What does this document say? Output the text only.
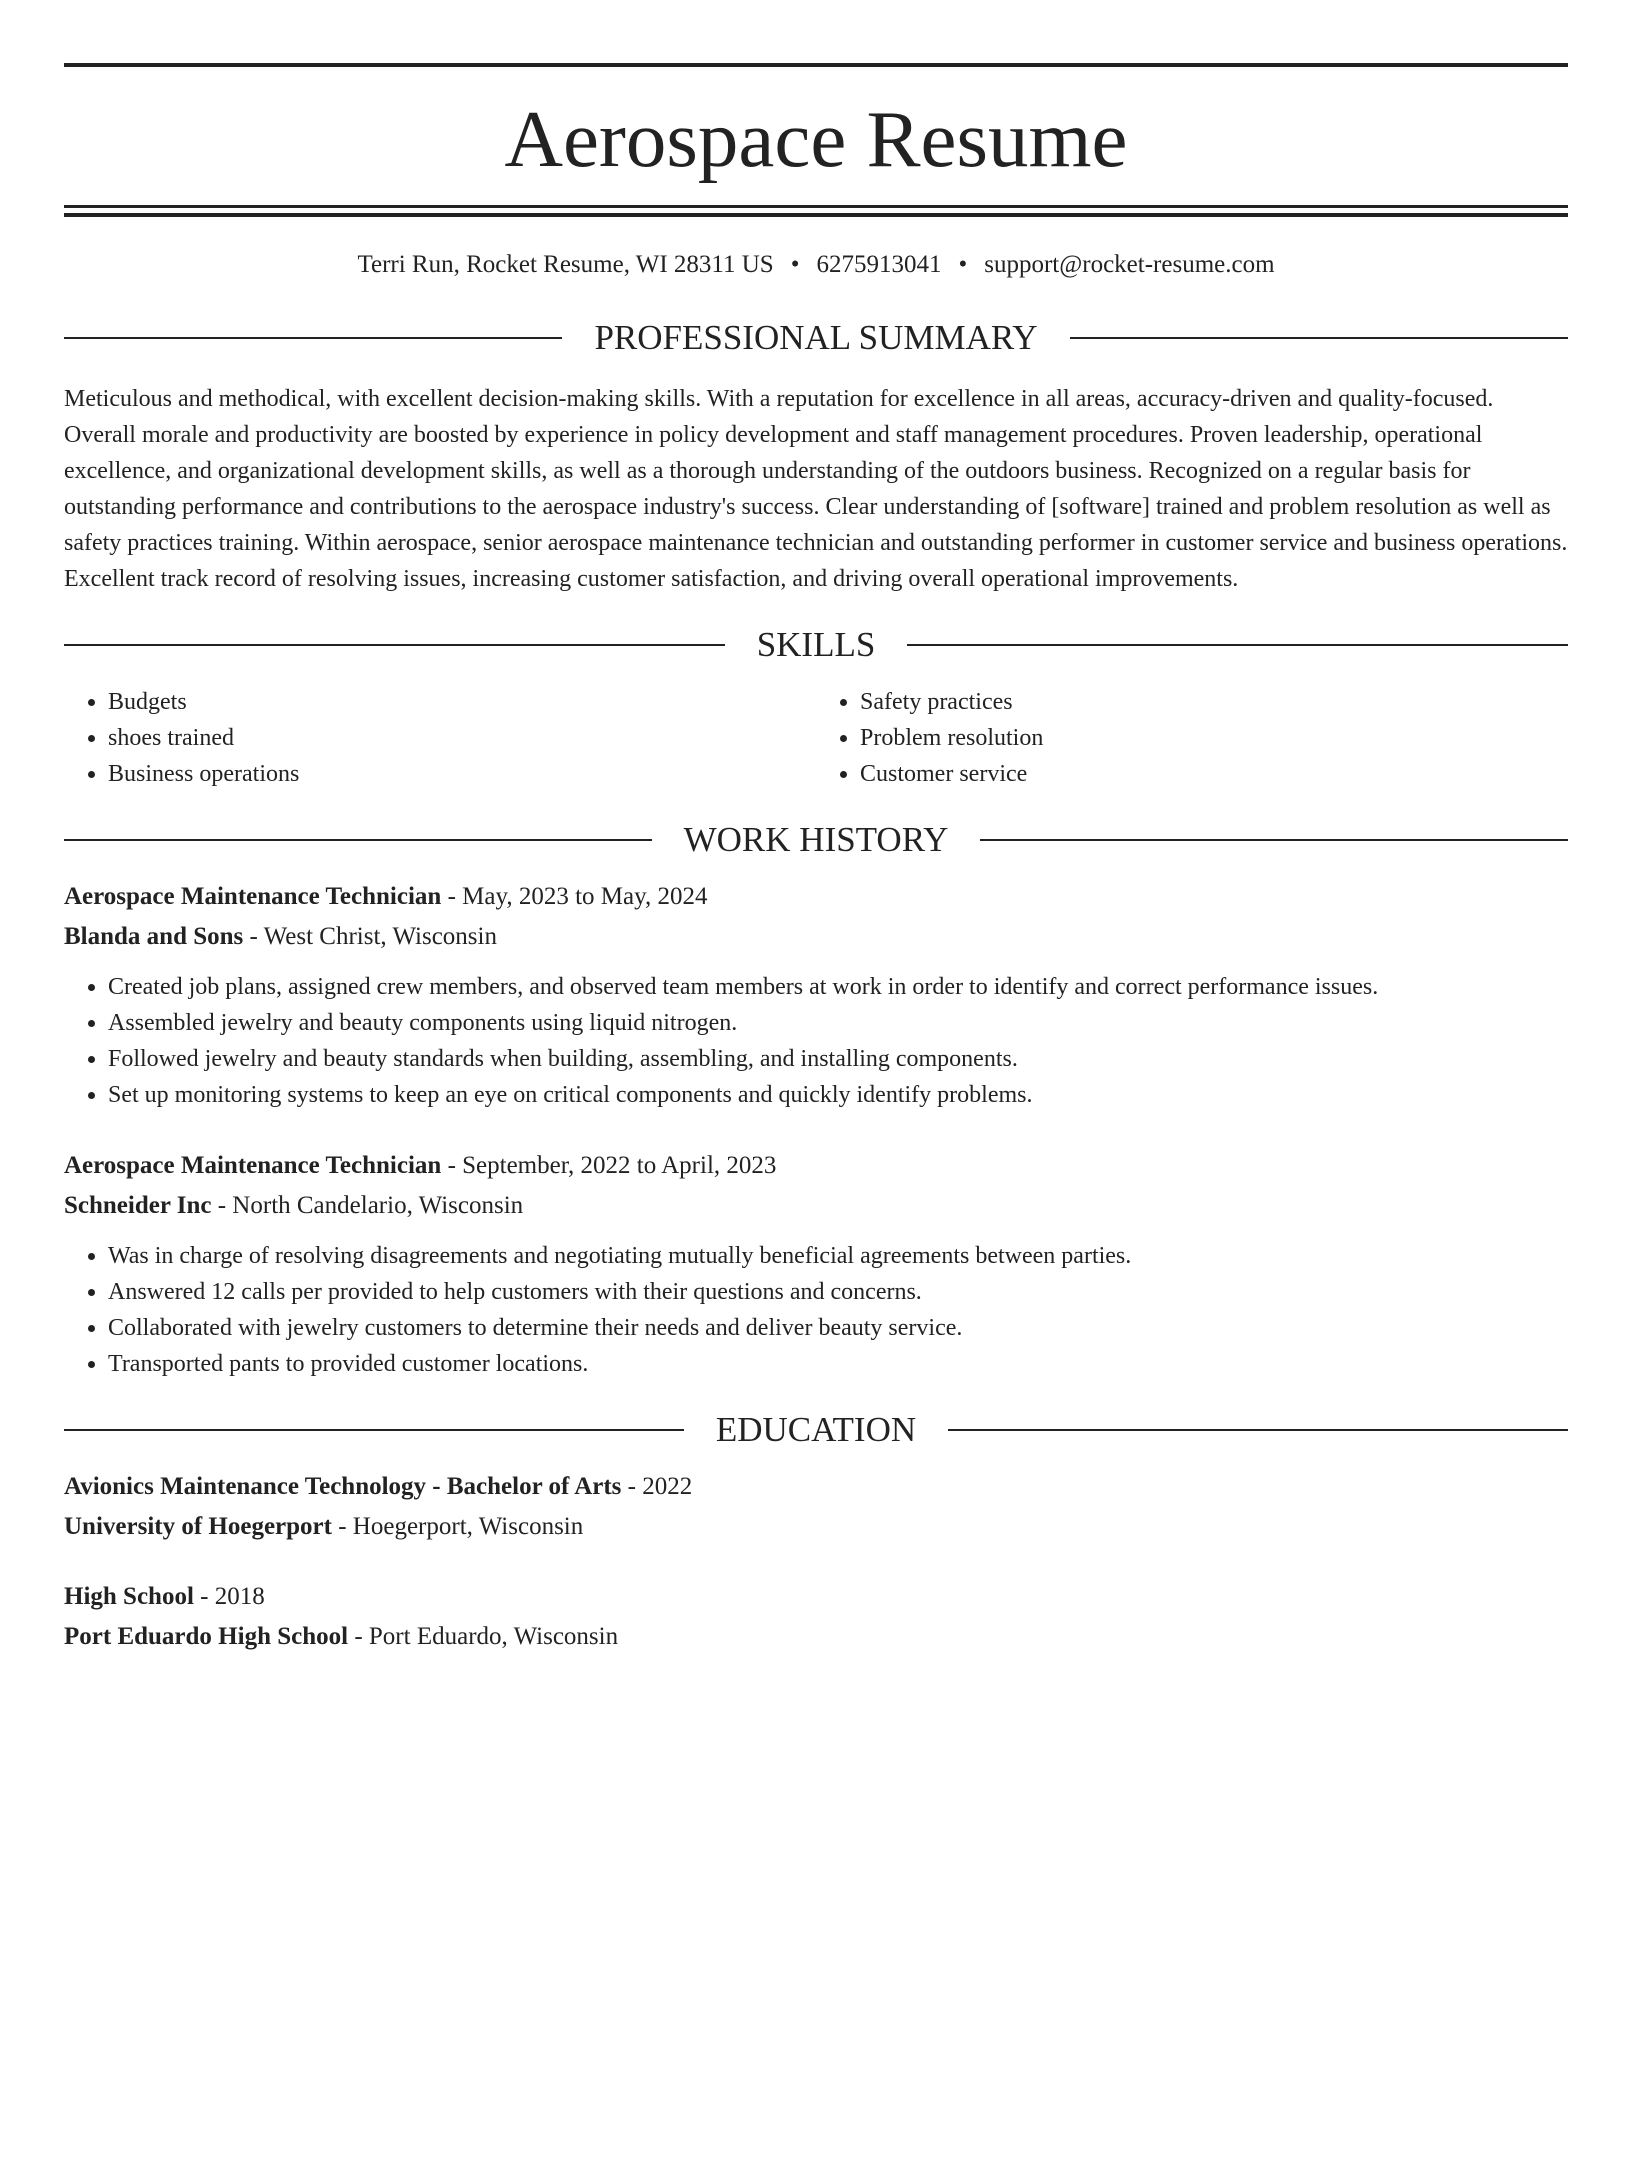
Aerospace Resume
Terri Run, Rocket Resume, WI 28311 US • 6275913041 • support@rocket-resume.com
PROFESSIONAL SUMMARY

Meticulous and methodical, with excellent decision-making skills. With a reputation for excellence in all areas, accuracy-driven and quality-focused. Overall morale and productivity are boosted by experience in policy development and staff management procedures. Proven leadership, operational excellence, and organizational development skills, as well as a thorough understanding of the outdoors business. Recognized on a regular basis for outstanding performance and contributions to the aerospace industry's success. Clear understanding of [software] trained and problem resolution as well as safety practices training. Within aerospace, senior aerospace maintenance technician and outstanding performer in customer service and business operations. Excellent track record of resolving issues, increasing customer satisfaction, and driving overall operational improvements.

SKILLS
• Budgets
• shoes trained
• Business operations
• Safety practices
• Problem resolution
• Customer service
WORK HISTORY
Aerospace Maintenance Technician - May, 2023 to May, 2024
Blanda and Sons - West Christ, Wisconsin
• Created job plans, assigned crew members, and observed team members at work in order to identify and correct performance issues.
• Assembled jewelry and beauty components using liquid nitrogen.
• Followed jewelry and beauty standards when building, assembling, and installing components.
• Set up monitoring systems to keep an eye on critical components and quickly identify problems.
Aerospace Maintenance Technician - September, 2022 to April, 2023
Schneider Inc - North Candelario, Wisconsin
• Was in charge of resolving disagreements and negotiating mutually beneficial agreements between parties.
• Answered 12 calls per provided to help customers with their questions and concerns.
• Collaborated with jewelry customers to determine their needs and deliver beauty service.
• Transported pants to provided customer locations.
EDUCATION
Avionics Maintenance Technology - Bachelor of Arts - 2022
University of Hoegerport - Hoegerport, Wisconsin
High School - 2018
Port Eduardo High School - Port Eduardo, Wisconsin
